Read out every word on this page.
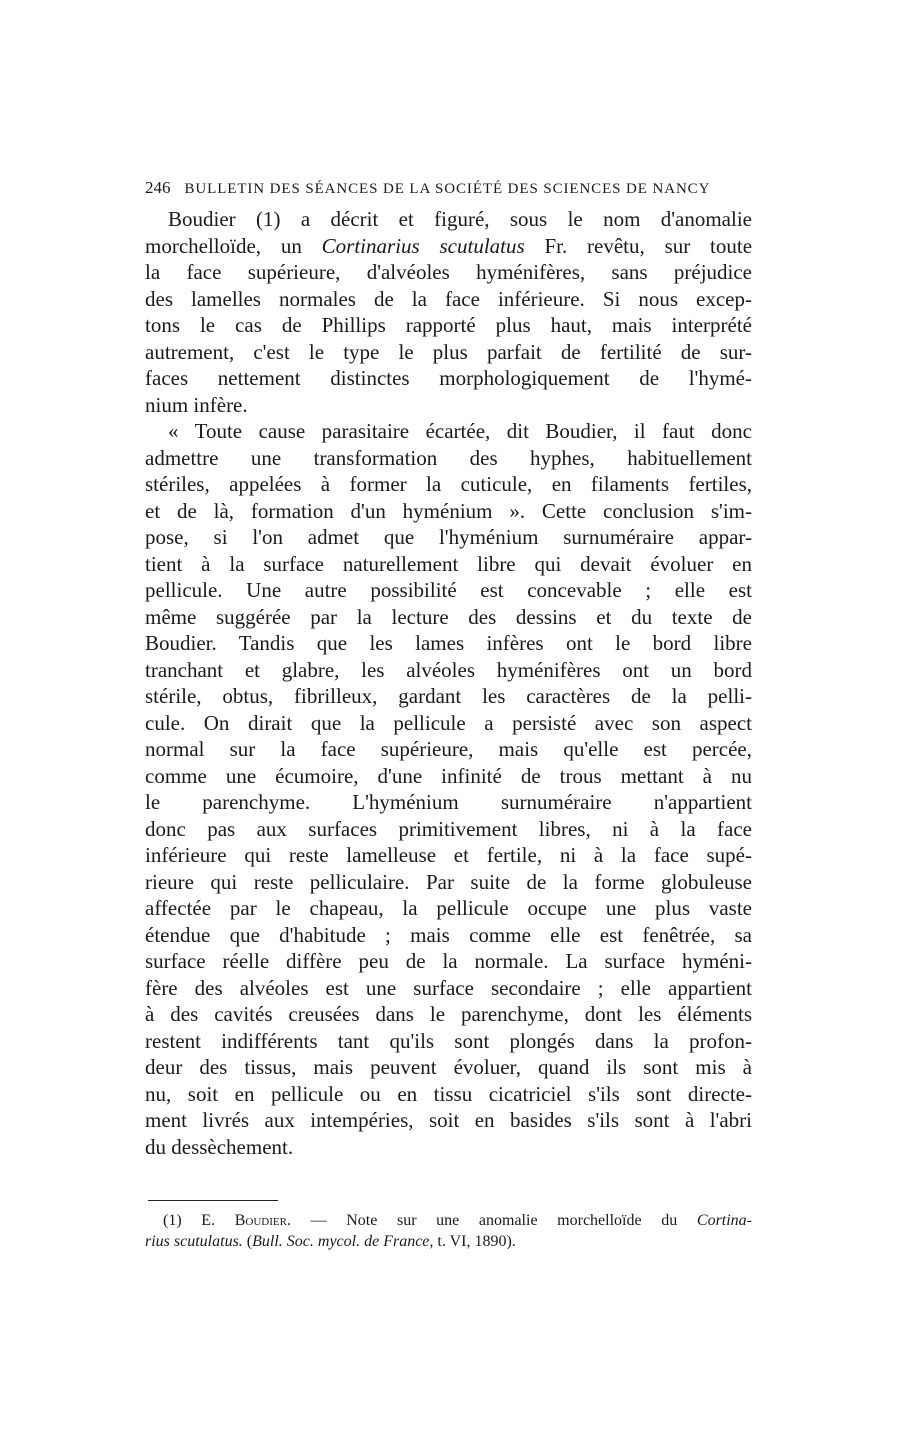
246 BULLETIN DES SÉANCES DE LA SOCIÉTÉ DES SCIENCES DE NANCY
Boudier (1) a décrit et figuré, sous le nom d'anomalie
morchelloïde, un Cortinarius scutulatus Fr. revêtu, sur toute
la face supérieure, d'alvéoles hyménifères, sans préjudice
des lamelles normales de la face inférieure. Si nous excep-
tons le cas de Phillips rapporté plus haut, mais interprété
autrement, c'est le type le plus parfait de fertilité de sur-
faces nettement distinctes morphologiquement de l'hymé-
nium infère.
« Toute cause parasitaire écartée, dit Boudier, il faut donc
admettre une transformation des hyphes, habituellement
stériles, appelées à former la cuticule, en filaments fertiles,
et de là, formation d'un hyménium ». Cette conclusion s'im-
pose, si l'on admet que l'hyménium surnuméraire appar-
tient à la surface naturellement libre qui devait évoluer en
pellicule. Une autre possibilité est concevable ; elle est
même suggérée par la lecture des dessins et du texte de
Boudier. Tandis que les lames infères ont le bord libre
tranchant et glabre, les alvéoles hyménifères ont un bord
stérile, obtus, fibrilleux, gardant les caractères de la pelli-
cule. On dirait que la pellicule a persisté avec son aspect
normal sur la face supérieure, mais qu'elle est percée,
comme une écumoire, d'une infinité de trous mettant à nu
le parenchyme. L'hyménium surnuméraire n'appartient
donc pas aux surfaces primitivement libres, ni à la face
inférieure qui reste lamelleuse et fertile, ni à la face supé-
rieure qui reste pelliculaire. Par suite de la forme globuleuse
affectée par le chapeau, la pellicule occupe une plus vaste
étendue que d'habitude ; mais comme elle est fenêtrée, sa
surface réelle diffère peu de la normale. La surface hyméni-
fère des alvéoles est une surface secondaire ; elle appartient
à des cavités creusées dans le parenchyme, dont les éléments
restent indifférents tant qu'ils sont plongés dans la profon-
deur des tissus, mais peuvent évoluer, quand ils sont mis à
nu, soit en pellicule ou en tissu cicatriciel s'ils sont directe-
ment livrés aux intempéries, soit en basides s'ils sont à l'abri
du dessèchement.
(1) E. Boudier. — Note sur une anomalie morchelloïde du Cortina-
rius scutulatus. (Bull. Soc. mycol. de France, t. VI, 1890).
